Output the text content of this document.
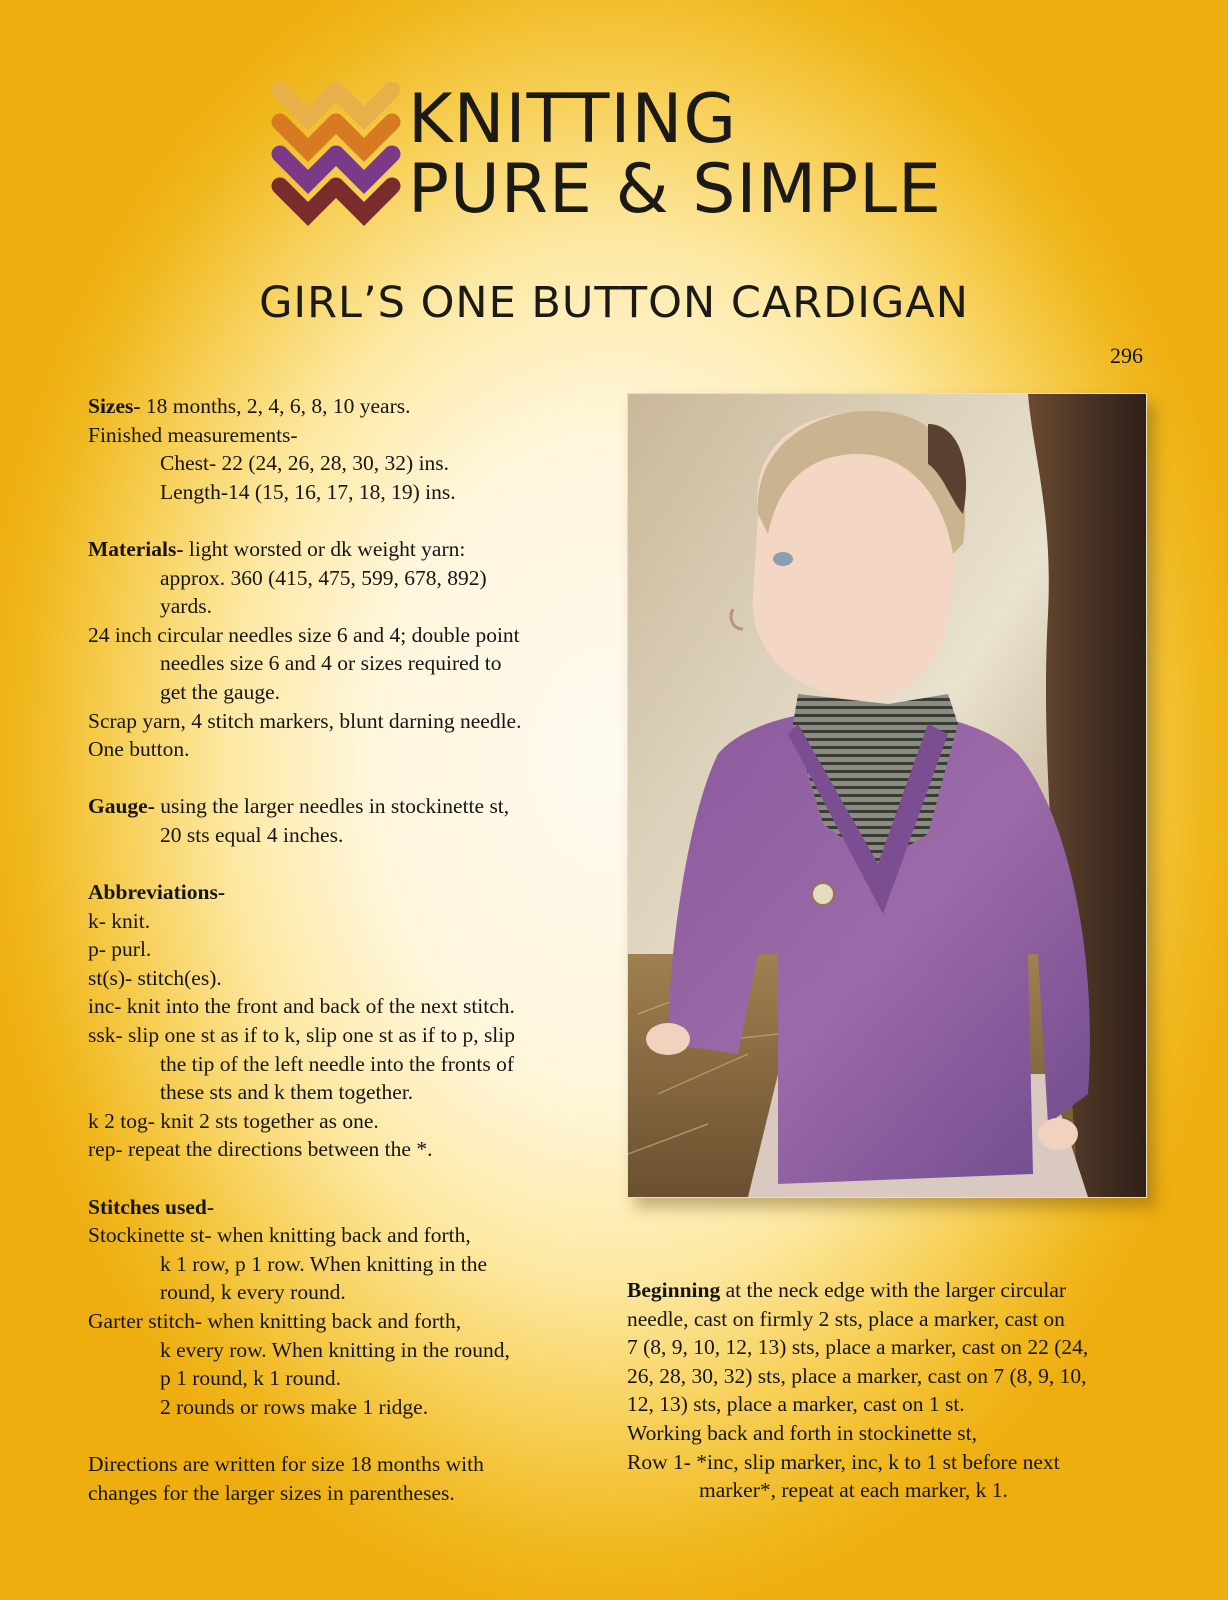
KNITTING
PURE & SIMPLE
GIRL’S ONE BUTTON CARDIGAN
296

Sizes- 18 months, 2, 4, 6, 8, 10 years.

Finished measurements-

Chest- 22 (24, 26, 28, 30, 32) ins.

Length-14 (15, 16, 17, 18, 19) ins.

Materials- light worsted or dk weight yarn:

approx. 360 (415, 475, 599, 678, 892)

yards.

24 inch circular needles size 6 and 4; double point

needles size 6 and 4 or sizes required to

get the gauge.

Scrap yarn, 4 stitch markers, blunt darning needle.

One button.

Gauge- using the larger needles in stockinette st,

20 sts equal 4 inches.

Abbreviations-

k- knit.

p- purl.

st(s)- stitch(es).

inc- knit into the front and back of the next stitch.

ssk- slip one st as if to k, slip one st as if to p, slip

the tip of the left needle into the fronts of

these sts and k them together.

k 2 tog- knit 2 sts together as one.

rep- repeat the directions between the *.

Stitches used-

Stockinette st- when knitting back and forth,

k 1 row, p 1 row. When knitting in the

round, k every round.

Garter stitch- when knitting back and forth,

k every row. When knitting in the round,

p 1 round, k 1 round.

2 rounds or rows make 1 ridge.

Directions are written for size 18 months with

changes for the larger sizes in parentheses.

Beginning at the neck edge with the larger circular

needle, cast on firmly 2 sts, place a marker, cast on

7 (8, 9, 10, 12, 13) sts, place a marker, cast on 22 (24,

26, 28, 30, 32) sts, place a marker, cast on 7 (8, 9, 10,

12, 13) sts, place a marker, cast on 1 st.

Working back and forth in stockinette st,

Row 1- *inc, slip marker, inc, k to 1 st before next

marker*, repeat at each marker, k 1.
